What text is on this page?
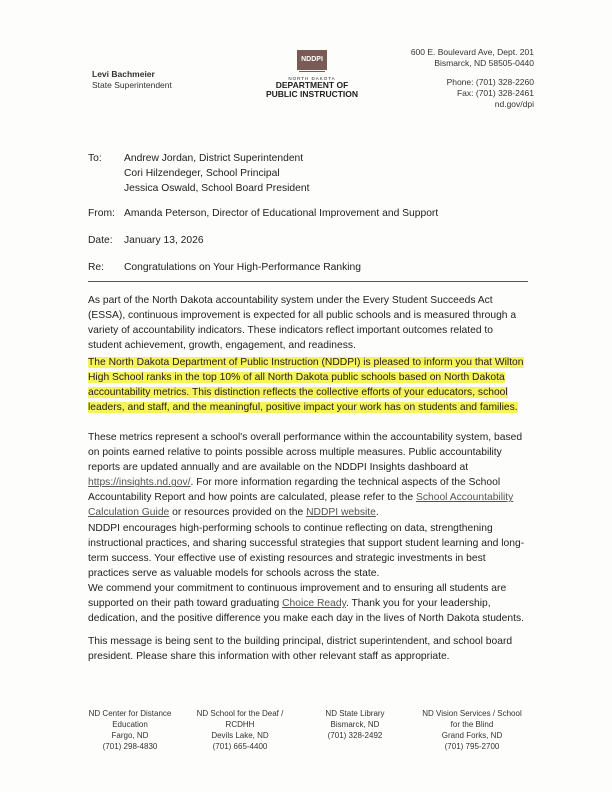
Levi Bachmeier
State Superintendent
NDDPI
NORTH DAKOTA
DEPARTMENT OF
PUBLIC INSTRUCTION
600 E. Boulevard Ave, Dept. 201
Bismarck, ND 58505-0440
Phone: (701) 328-2260
Fax: (701) 328-2461
nd.gov/dpi
To: Andrew Jordan, District Superintendent
Cori Hilzendeger, School Principal
Jessica Oswald, School Board President
From: Amanda Peterson, Director of Educational Improvement and Support
Date: January 13, 2026
Re: Congratulations on Your High-Performance Ranking
As part of the North Dakota accountability system under the Every Student Succeeds Act (ESSA), continuous improvement is expected for all public schools and is measured through a variety of accountability indicators. These indicators reflect important outcomes related to student achievement, growth, engagement, and readiness.
The North Dakota Department of Public Instruction (NDDPI) is pleased to inform you that Wilton High School ranks in the top 10% of all North Dakota public schools based on North Dakota accountability metrics. This distinction reflects the collective efforts of your educators, school leaders, and staff, and the meaningful, positive impact your work has on students and families.
These metrics represent a school's overall performance within the accountability system, based on points earned relative to points possible across multiple measures. Public accountability reports are updated annually and are available on the NDDPI Insights dashboard at https://insights.nd.gov/. For more information regarding the technical aspects of the School Accountability Report and how points are calculated, please refer to the School Accountability Calculation Guide or resources provided on the NDDPI website.
NDDPI encourages high-performing schools to continue reflecting on data, strengthening instructional practices, and sharing successful strategies that support student learning and long-term success. Your effective use of existing resources and strategic investments in best practices serve as valuable models for schools across the state.
We commend your commitment to continuous improvement and to ensuring all students are supported on their path toward graduating Choice Ready. Thank you for your leadership, dedication, and the positive difference you make each day in the lives of North Dakota students.
This message is being sent to the building principal, district superintendent, and school board president. Please share this information with other relevant staff as appropriate.
ND Center for Distance Education
Fargo, ND
(701) 298-4830
ND School for the Deaf / RCDHH
Devils Lake, ND
(701) 665-4400
ND State Library
Bismarck, ND
(701) 328-2492
ND Vision Services / School for the Blind
Grand Forks, ND
(701) 795-2700
